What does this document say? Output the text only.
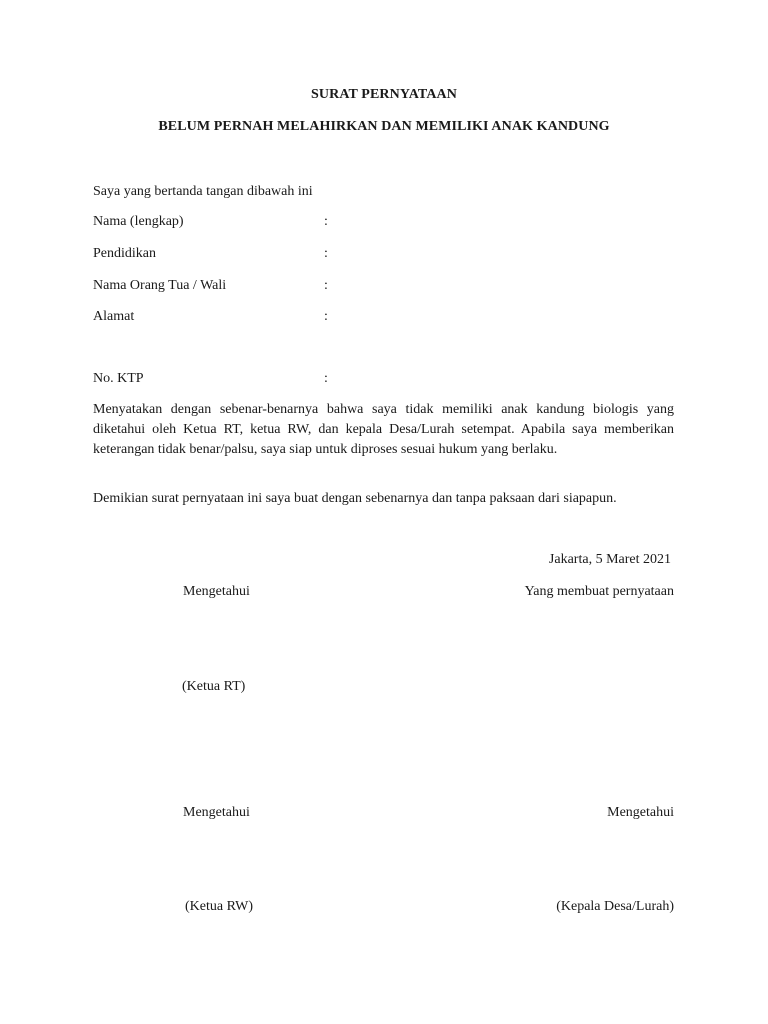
SURAT PERNYATAAN
BELUM PERNAH MELAHIRKAN DAN MEMILIKI ANAK KANDUNG
Saya yang bertanda tangan dibawah ini
Nama (lengkap)	:
Pendidikan	:
Nama Orang Tua / Wali	:
Alamat	:
No. KTP	:
Menyatakan dengan sebenar-benarnya bahwa saya tidak memiliki anak kandung biologis yang diketahui oleh Ketua RT, ketua RW, dan kepala Desa/Lurah setempat. Apabila saya memberikan keterangan tidak benar/palsu, saya siap untuk diproses sesuai hukum yang berlaku.
Demikian surat pernyataan ini saya buat dengan sebenarnya dan tanpa paksaan dari siapapun.
Jakarta, 5 Maret 2021
Mengetahui	Yang membuat pernyataan
(Ketua RT)
Mengetahui	Mengetahui
(Ketua RW)	(Kepala Desa/Lurah)
